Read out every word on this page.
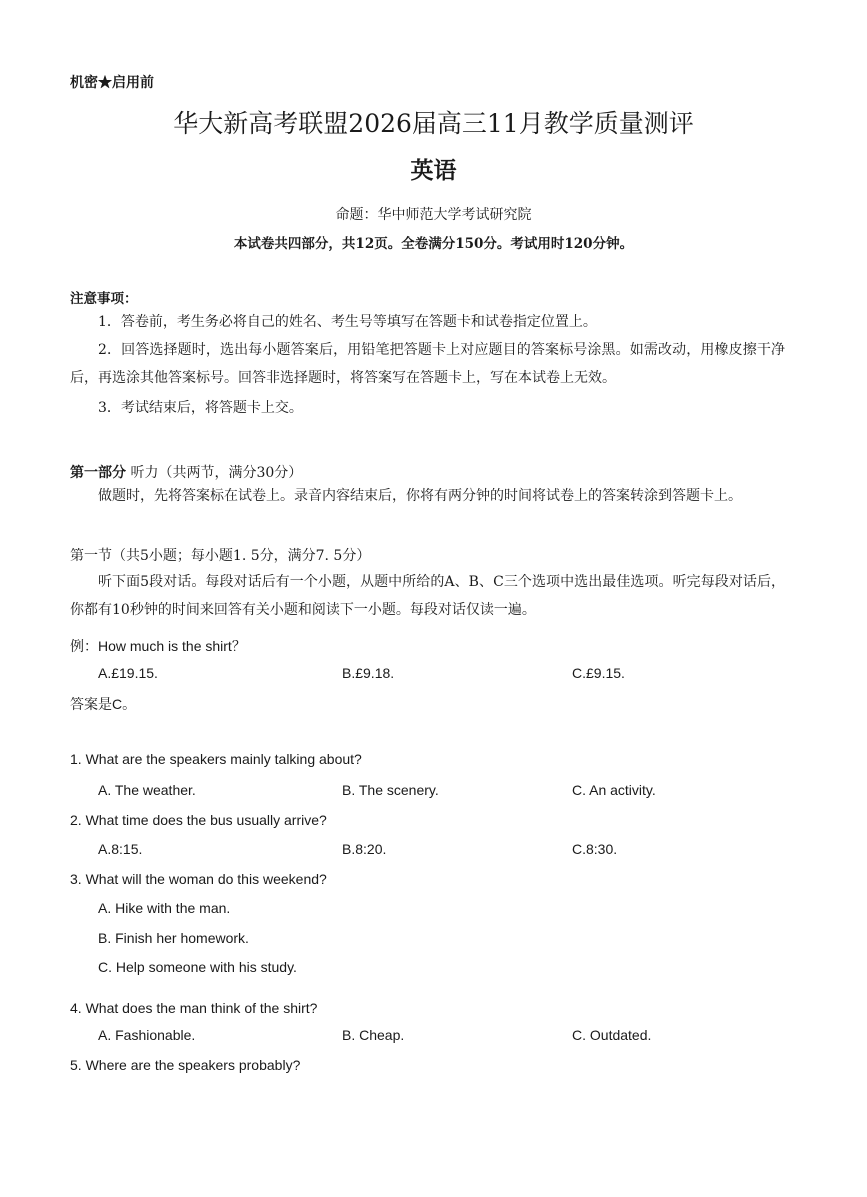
机密★启用前
华大新高考联盟2026届高三11月教学质量测评
英语
命题：华中师范大学考试研究院
本试卷共四部分，共12页。全卷满分150分。考试用时120分钟。
注意事项：
1．答卷前，考生务必将自己的姓名、考生号等填写在答题卡和试卷指定位置上。
2．回答选择题时，选出每小题答案后，用铅笔把答题卡上对应题目的答案标号涂黑。如需改动，用橡皮擦干净后，再选涂其他答案标号。回答非选择题时，将答案写在答题卡上，写在本试卷上无效。
3．考试结束后，将答题卡上交。
第一部分 听力（共两节，满分30分）
做题时，先将答案标在试卷上。录音内容结束后，你将有两分钟的时间将试卷上的答案转涂到答题卡上。
第一节（共5小题；每小题1. 5分，满分7. 5分）
听下面5段对话。每段对话后有一个小题，从题中所给的A、B、C三个选项中选出最佳选项。听完每段对话后，你都有10秒钟的时间来回答有关小题和阅读下一小题。每段对话仅读一遍。
例：How much is the shirt？
A.£19.15.	B.£9.18.	C.£9.15.
答案是C。
1. What are the speakers mainly talking about?
A. The weather.	B. The scenery.	C. An activity.
2. What time does the bus usually arrive?
A.8:15.	B.8:20.	C.8:30.
3. What will the woman do this weekend?
A. Hike with the man.
B. Finish her homework.
C. Help someone with his study.
4. What does the man think of the shirt?
A. Fashionable.	B. Cheap.	C. Outdated.
5. Where are the speakers probably?
